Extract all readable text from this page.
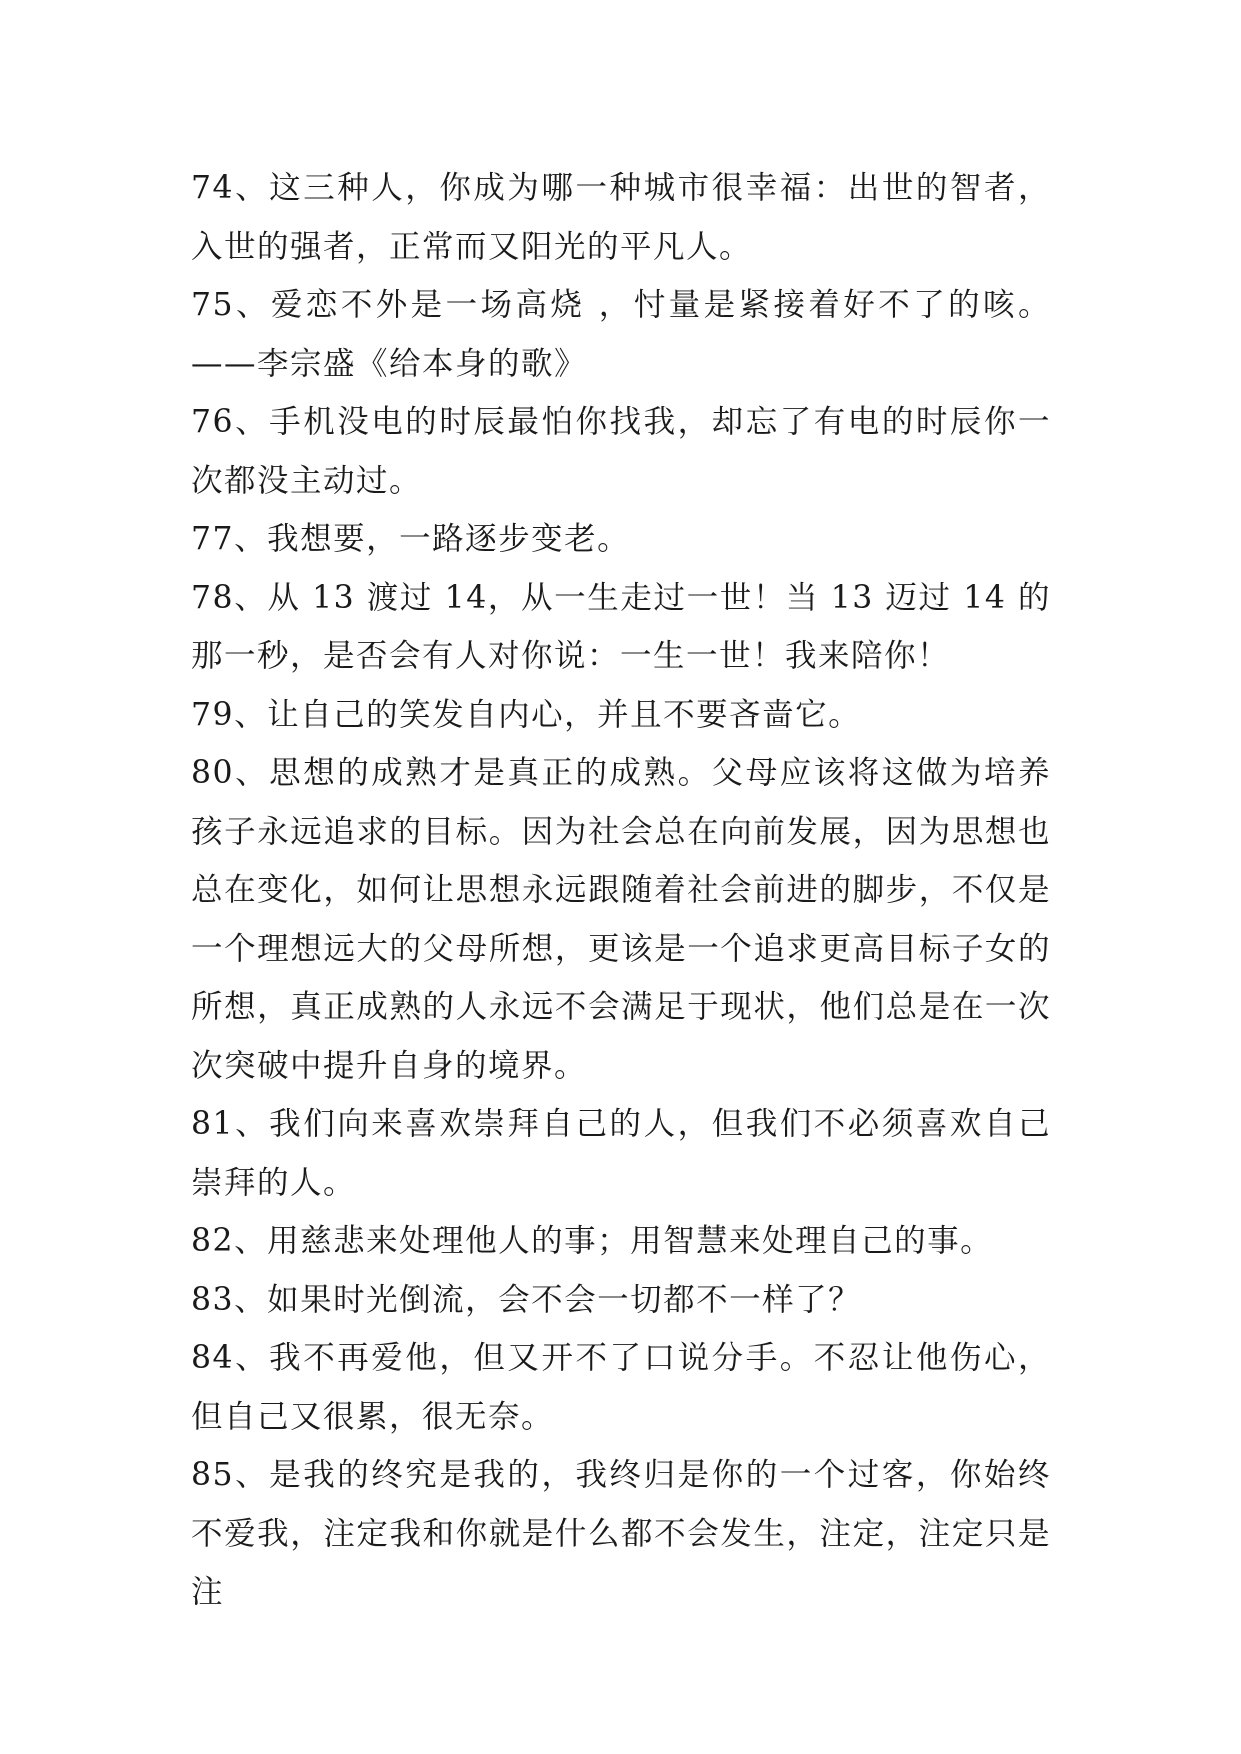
74、这三种人，你成为哪一种城市很幸福：出世的智者，入世的强者，正常而又阳光的平凡人。

75、爱恋不外是一场高烧 ，忖量是紧接着好不了的咳。——李宗盛《给本身的歌》

76、手机没电的时辰最怕你找我，却忘了有电的时辰你一次都没主动过。

77、我想要，一路逐步变老。

78、从 13 渡过 14，从一生走过一世！当 13 迈过 14 的那一秒，是否会有人对你说：一生一世！我来陪你！

79、让自己的笑发自内心，并且不要吝啬它。

80、思想的成熟才是真正的成熟。父母应该将这做为培养孩子永远追求的目标。因为社会总在向前发展，因为思想也总在变化，如何让思想永远跟随着社会前进的脚步，不仅是一个理想远大的父母所想，更该是一个追求更高目标子女的所想，真正成熟的人永远不会满足于现状，他们总是在一次次突破中提升自身的境界。

81、我们向来喜欢崇拜自己的人，但我们不必须喜欢自己崇拜的人。

82、用慈悲来处理他人的事；用智慧来处理自己的事。

83、如果时光倒流，会不会一切都不一样了？

84、我不再爱他，但又开不了口说分手。不忍让他伤心，但自己又很累，很无奈。

85、是我的终究是我的，我终归是你的一个过客，你始终不爱我，注定我和你就是什么都不会发生，注定，注定只是注
